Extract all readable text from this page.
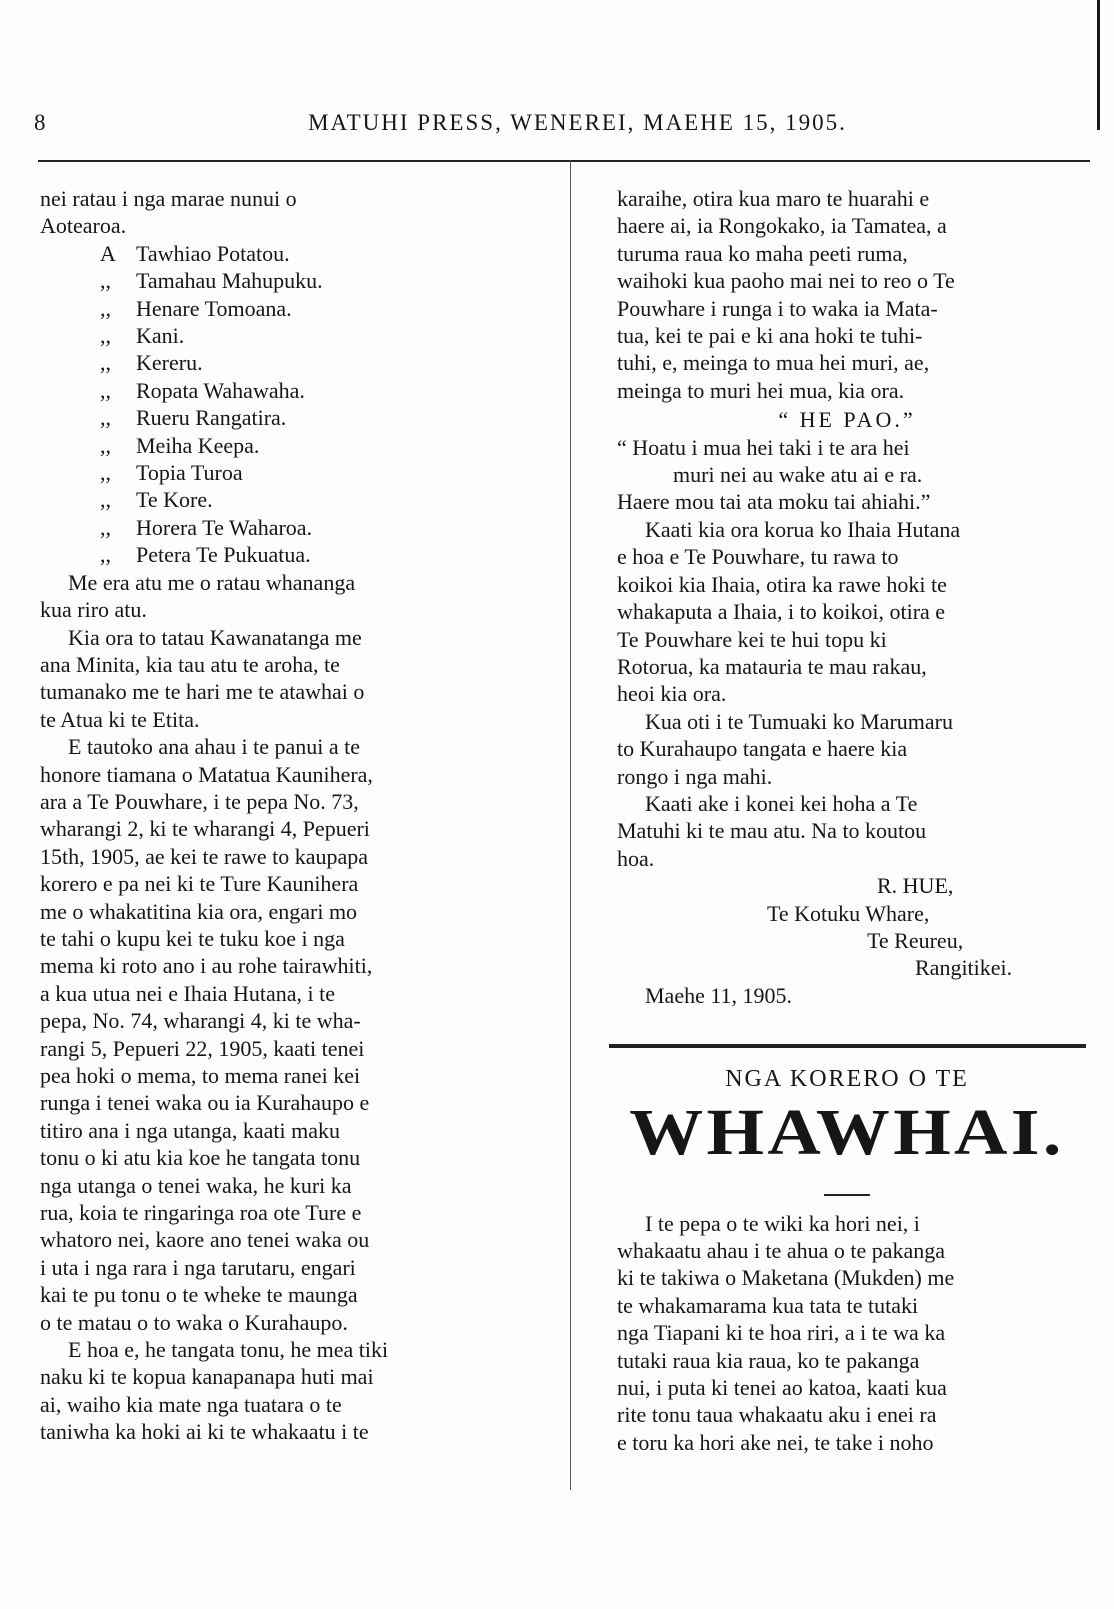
8	MATUHI PRESS, WENEREI, MAEHE 15, 1905.
nei ratau i nga marae nunui o
Aotearoa.
A Tawhiao Potatou.
,, Tamahau Mahupuku.
,, Henare Tomoana.
,, Kani.
,, Kereru.
,, Ropata Wahawaha.
,, Rueru Rangatira.
,, Meiha Keepa.
,, Topia Turoa
,, Te Kore.
,, Horera Te Waharoa.
,, Petera Te Pukuatua.
Me era atu me o ratau whananga
kua riro atu.
Kia ora to tatau Kawanatanga me
ana Minita, kia tau atu te aroha, te
tumanako me te hari me te atawhai o
te Atua ki te Etita.
E tautoko ana ahau i te panui a te
honore tiamana o Matatua Kaunihera,
ara a Te Pouwhare, i te pepa No. 73,
wharangi 2, ki te wharangi 4, Pepueri
15th, 1905, ae kei te rawe to kaupapa
korero e pa nei ki te Ture Kaunihera
me o whakatitina kia ora, engari mo
te tahi o kupu kei te tuku koe i nga
mema ki roto ano i au rohe tairawhiti,
a kua utua nei e Ihaia Hutana, i te
pepa, No. 74, wharangi 4, ki te wha-
rangi 5, Pepueri 22, 1905, kaati tenei
pea hoki o mema, to mema ranei kei
runga i tenei waka ou ia Kurahaupo e
titiro ana i nga utanga, kaati maku
tonu o ki atu kia koe he tangata tonu
nga utanga o tenei waka, he kuri ka
rua, koia te ringaringa roa ote Ture e
whatoro nei, kaore ano tenei waka ou
i uta i nga rara i nga tarutaru, engari
kai te pu tonu o te wheke te maunga
o te matau o to waka o Kurahaupo.
E hoa e, he tangata tonu, he mea tiki
naku ki te kopua kanapanapa huti mai
ai, waiho kia mate nga tuatara o te
taniwha ka hoki ai ki te whakaatu i te
karaihe, otira kua maro te huarahi e
haere ai, ia Rongokako, ia Tamatea, a
turuma raua ko maha peeti ruma,
waihoki kua paoho mai nei to reo o Te
Pouwhare i runga i to waka ia Mata-
tua, kei te pai e ki ana hoki te tuhi-
tuhi, e, meinga to mua hei muri, ae,
meinga to muri hei mua, kia ora.
“ HE PAO.”
“ Hoatu i mua hei taki i te ara hei
muri nei au wake atu ai e ra.
Haere mou tai ata moku tai ahiahi.”
Kaati kia ora korua ko Ihaia Hutana
e hoa e Te Pouwhare, tu rawa to
koikoi kia Ihaia, otira ka rawe hoki te
whakaputa a Ihaia, i to koikoi, otira e
Te Pouwhare kei te hui topu ki
Rotorua, ka matauria te mau rakau,
heoi kia ora.
Kua oti i te Tumuaki ko Marumaru
to Kurahaupo tangata e haere kia
rongo i nga mahi.
Kaati ake i konei kei hoha a Te
Matuhi ki te mau atu. Na to koutou
hoa.
R. HUE,
Te Kotuku Whare,
Te Reureu,
Rangitikei.
Maehe 11, 1905.
NGA KORERO O TE
WHAWHAI.
I te pepa o te wiki ka hori nei, i
whakaatu ahau i te ahua o te pakanga
ki te takiwa o Maketana (Mukden) me
te whakamarama kua tata te tutaki
nga Tiapani ki te hoa riri, a i te wa ka
tutaki raua kia raua, ko te pakanga
nui, i puta ki tenei ao katoa, kaati kua
rite tonu taua whakaatu aku i enei ra
e toru ka hori ake nei, te take i noho
